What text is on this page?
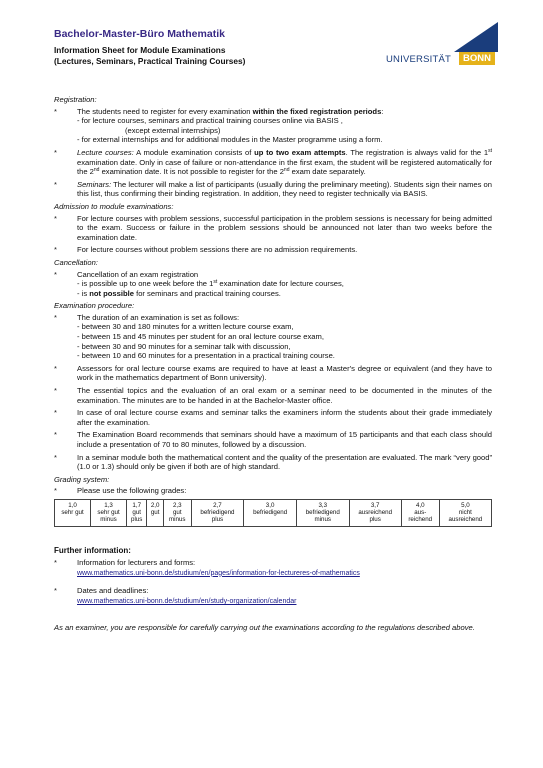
Bachelor-Master-Büro Mathematik
Information Sheet for Module Examinations
(Lectures, Seminars, Practical Training Courses)	UNIVERSITÄT	BONN
Registration:
*	The students need to register for every examination within the fixed registration periods:

- for lecture courses, seminars and practical training courses online via BASIS ,

(except external internships)

- for external internships and for additional modules in the Master programme using a form.

*	Lecture courses: A module examination consists of up to two exam attempts. The registration is always valid for the 1st examination date. Only in case of failure or non-attendance in the first exam, the student will be registered automatically for the 2nd examination date. It is not possible to register for the 2nd exam date separately.

*	Seminars: The lecturer will make a list of participants (usually during the preliminary meeting). Students sign their names on this list, thus confirming their binding registration. In addition, they need to register technically via BASIS.

Admission to module examinations:
*	For lecture courses with problem sessions, successful participation in the problem sessions is necessary for being admitted to the exam. Success or failure in the problem sessions should be announced not later than two weeks before the examination date.

*	For lecture courses without problem sessions there are no admission requirements.

Cancellation:
*	Cancellation of an exam registration

- is possible up to one week before the 1st examination date for lecture courses,

- is not possible for seminars and practical training courses.

Examination procedure:
*	The duration of an examination is set as follows:

- between 30 and 180 minutes for a written lecture course exam,

- between 15 and 45 minutes per student for an oral lecture course exam,

- between 30 and 90 minutes for a seminar talk with discussion,

- between 10 and 60 minutes for a presentation in a practical training course.

*	Assessors for oral lecture course exams are required to have at least a Master's degree or equivalent (and they have to work in the mathematics department of Bonn university).

*	The essential topics and the evaluation of an oral exam or a seminar need to be documented in the minutes of the examination. The minutes are to be handed in at the Bachelor-Master office.

*	In case of oral lecture course exams and seminar talks the examiners inform the students about their grade immediately after the examination.

*	The Examination Board recommends that seminars should have a maximum of 15 participants and that each class should include a presentation of 70 to 80 minutes, followed by a discussion.

*	In a seminar module both the mathematical content and the quality of the presentation are evaluated. The mark “very good” (1.0 or 1.3) should only be given if both are of high standard.

Grading system:
*	Please use the following grades:

1,0
sehr gut

1,3
sehr gut
minus

1,7
gut
plus

2,0
gut

2,3
gut
minus

2,7
befriedigend
plus

3,0
befriedigend

3,3
befriedigend
minus

3,7
ausreichend
plus

4,0
aus-
reichend

5,0
nicht
ausreichend
Further information:
*	Information for lecturers and forms:

www.mathematics.uni-bonn.de/studium/en/pages/information-for-lectureres-of-mathematics

*	Dates and deadlines:

www.mathematics.uni-bonn.de/studium/en/study-organization/calendar

As an examiner, you are responsible for carefully carrying out the examinations according to the regulations described above.
